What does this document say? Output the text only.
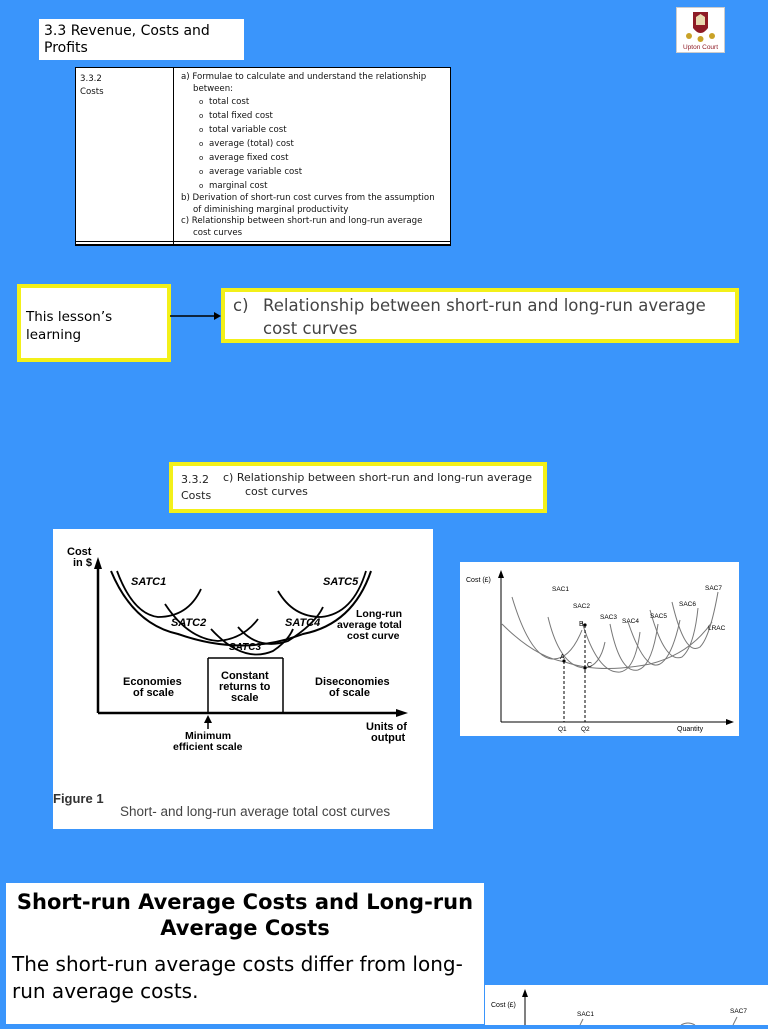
3.3 Revenue, Costs and Profits	Upton Court
3.3.2
Costs
a) Formulae to calculate and understand the relationship
between:
o total cost
o total fixed cost
o total variable cost
o average (total) cost
o average fixed cost
o average variable cost
o marginal cost
b) Derivation of short-run cost curves from the assumption
of diminishing marginal productivity
c) Relationship between short-run and long-run average
cost curves
This lesson’s learning
c) Relationship between short-run and long-run average
cost curves
3.3.2
Costs
c) Relationship between short-run and long-run average
cost curves
Cost
in $
Units of
output
SATC1
SATC2
SATC3
SATC4
SATC5
Long-run
average total
cost curve
Economies
of scale
Constant
returns to
scale
Diseconomies
of scale
Minimum
efficient scale
Figure 1
Short- and long-run average total cost curves
Cost (£)
Quantity
SAC1
SAC2
SAC3
SAC4
SAC5
SAC6
SAC7
LRAC
A
B
C
Q1 Q2
Short-run Average Costs and Long-run Average Costs

The short-run average costs differ from long-run average costs.

Cost (£)
SAC1	SAC7
